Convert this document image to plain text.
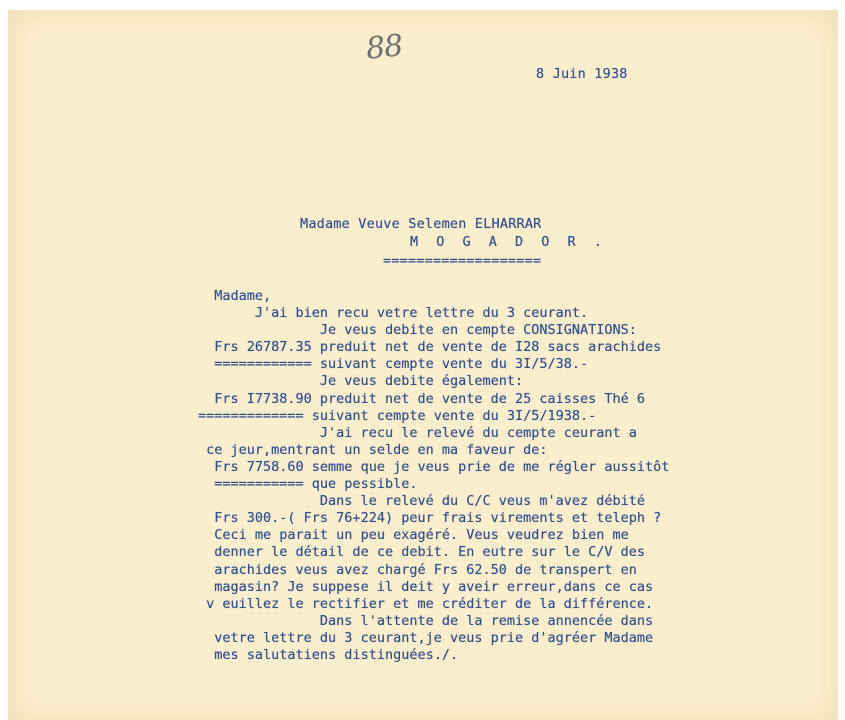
88
8 Juin 1938
Madame Veuve Selemen ELHARRAR
M O G A D O R .
===================
Madame,
J'ai bien recu vetre lettre du 3 ceurant.
Je veus debite en cempte CONSIGNATIONS:
Frs 26787.35 preduit net de vente de I28 sacs arachides
============ suivant cempte vente du 3I/5/38.-
Je veus debite également:
Frs I7738.90 preduit net de vente de 25 caisses Thé 6
============= suivant cempte vente du 3I/5/1938.-
J'ai recu le relevé du cempte ceurant a
ce jeur,mentrant un selde en ma faveur de:
Frs 7758.60 semme que je veus prie de me régler aussitôt
=========== que pessible.
Dans le relevé du C/C veus m'avez débité
Frs 300.-( Frs 76+224) peur frais virements et teleph ?
Ceci me parait un peu exagéré. Veus veudrez bien me
denner le détail de ce debit. En eutre sur le C/V des
arachides veus avez chargé Frs 62.50 de transpert en
magasin? Je suppese il deit y aveir erreur,dans ce cas
v euillez le rectifier et me créditer de la différence.
Dans l'attente de la remise annencée dans
vetre lettre du 3 ceurant,je veus prie d'agréer Madame
mes salutatiens distinguées./.
